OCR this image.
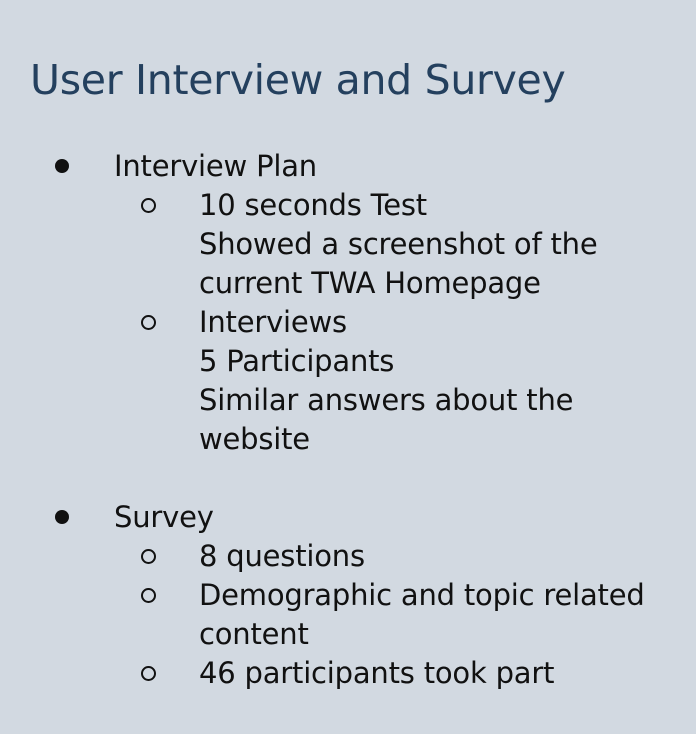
User Interview and Survey
Interview Plan
10 seconds Test
Showed a screenshot of the
current TWA Homepage
Interviews
5 Participants
Similar answers about the
website
Survey
8 questions
Demographic and topic related
content
46 participants took part
